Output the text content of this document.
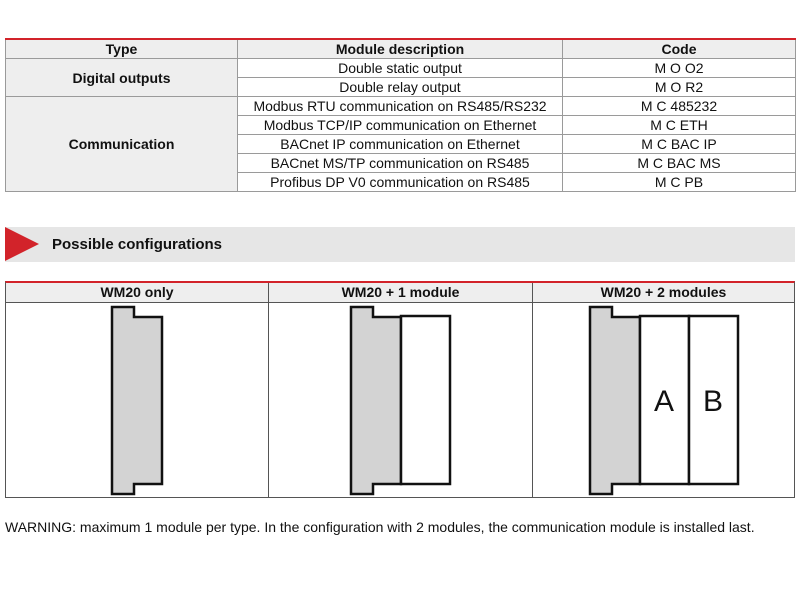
Type	Module description	Code
Digital outputs	Double static output	M O O2
	Double relay output	M O R2
Communication	Modbus RTU communication on RS485/RS232	M C 485232
	Modbus TCP/IP communication on Ethernet	M C ETH
	BACnet IP communication on Ethernet	M C BAC IP
	BACnet MS/TP communication on RS485	M C BAC MS
	Profibus DP V0 communication on RS485	M C PB
Possible configurations
WM20 only	WM20 + 1 module	WM20 + 2 modules
A B
WARNING: maximum 1 module per type. In the configuration with 2 modules, the communication module is installed last.
